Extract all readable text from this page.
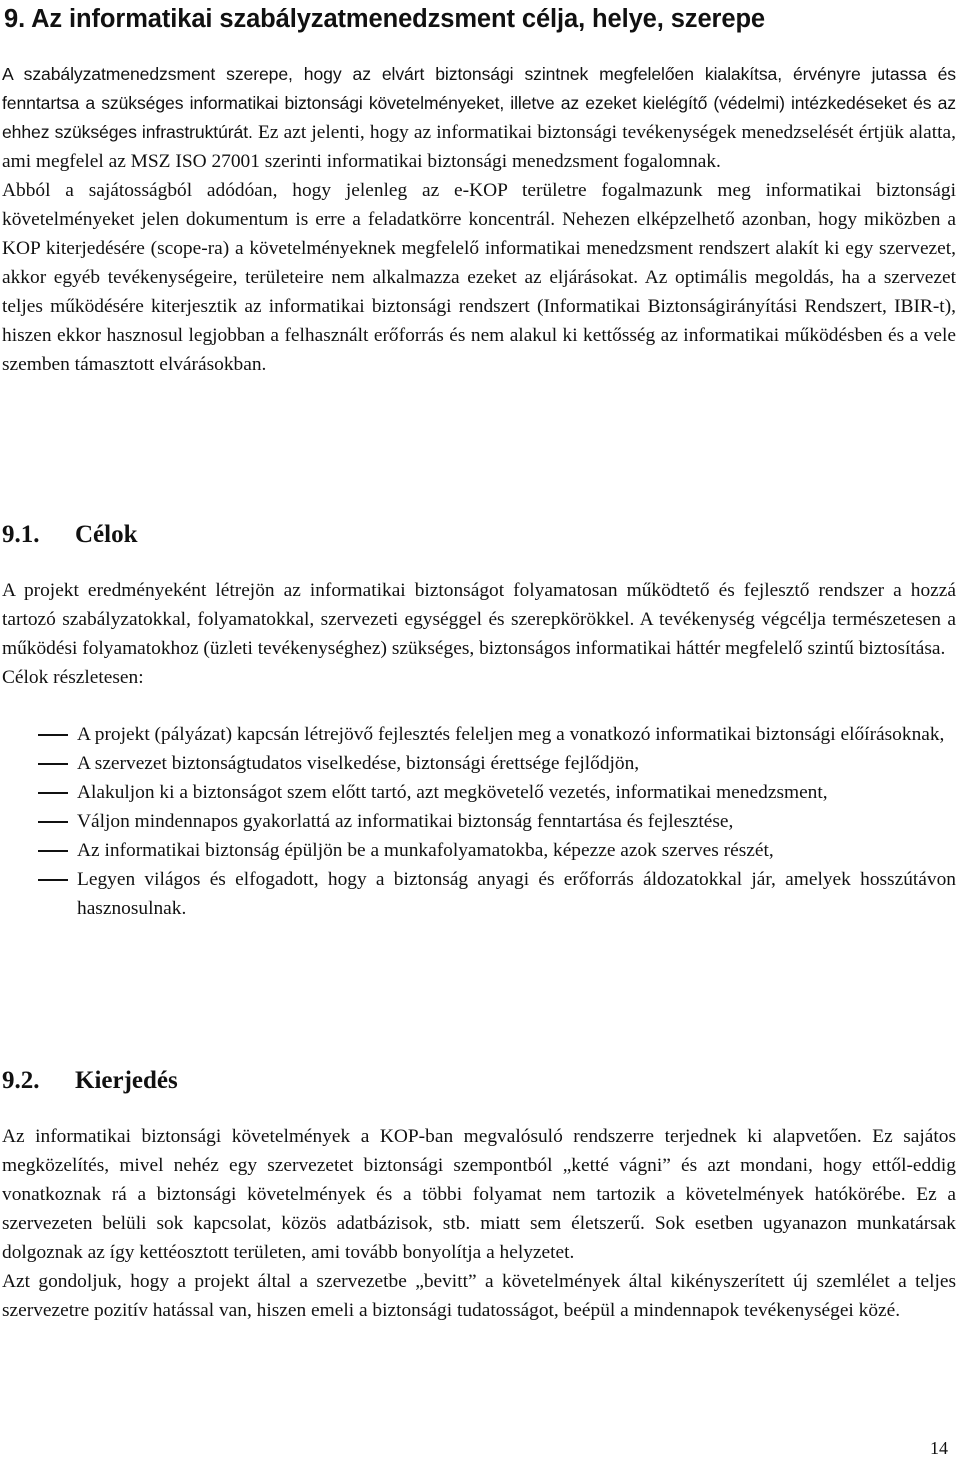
9. Az informatikai szabályzatmenedzsment célja, helye, szerepe

A szabályzatmenedzsment szerepe, hogy az elvárt biztonsági szintnek megfelelően kialakítsa, érvényre jutassa és fenntartsa a szükséges informatikai biztonsági követelményeket, illetve az ezeket kielégítő (védelmi) intézkedéseket és az ehhez szükséges infrastruktúrát. Ez azt jelenti, hogy az informatikai biztonsági tevékenységek menedzselését értjük alatta, ami megfelel az MSZ ISO 27001 szerinti informatikai biztonsági menedzsment fogalomnak.

Abból a sajátosságból adódóan, hogy jelenleg az e-KOP területre fogalmazunk meg informatikai biztonsági követelményeket jelen dokumentum is erre a feladatkörre koncentrál. Nehezen elképzelhető azonban, hogy miközben a KOP kiterjedésére (scope-ra) a követelményeknek megfelelő informatikai menedzsment rendszert alakít ki egy szervezet, akkor egyéb tevékenységeire, területeire nem alkalmazza ezeket az eljárásokat. Az optimális megoldás, ha a szervezet teljes működésére kiterjesztik az informatikai biztonsági rendszert (Informatikai Biztonságirányítási Rendszert, IBIR-t), hiszen ekkor hasznosul legjobban a felhasznált erőforrás és nem alakul ki kettősség az informatikai működésben és a vele szemben támasztott elvárásokban.

9.1. Célok

A projekt eredményeként létrejön az informatikai biztonságot folyamatosan működtető és fejlesztő rendszer a hozzá tartozó szabályzatokkal, folyamatokkal, szervezeti egységgel és szerepkörökkel. A tevékenység végcélja természetesen a működési folyamatokhoz (üzleti tevékenységhez) szükséges, biztonságos informatikai háttér megfelelő szintű biztosítása.

Célok részletesen:

A projekt (pályázat) kapcsán létrejövő fejlesztés feleljen meg a vonatkozó informatikai biztonsági előírásoknak,
A szervezet biztonságtudatos viselkedése, biztonsági érettsége fejlődjön,
Alakuljon ki a biztonságot szem előtt tartó, azt megkövetelő vezetés, informatikai menedzsment,
Váljon mindennapos gyakorlattá az informatikai biztonság fenntartása és fejlesztése,
Az informatikai biztonság épüljön be a munkafolyamatokba, képezze azok szerves részét,
Legyen világos és elfogadott, hogy a biztonság anyagi és erőforrás áldozatokkal jár, amelyek hosszútávon hasznosulnak.
9.2. Kierjedés

Az informatikai biztonsági követelmények a KOP-ban megvalósuló rendszerre terjednek ki alapvetően. Ez sajátos megközelítés, mivel nehéz egy szervezetet biztonsági szempontból „ketté vágni” és azt mondani, hogy ettől-eddig vonatkoznak rá a biztonsági követelmények és a többi folyamat nem tartozik a követelmények hatókörébe. Ez a szervezeten belüli sok kapcsolat, közös adatbázisok, stb. miatt sem életszerű. Sok esetben ugyanazon munkatársak dolgoznak az így kettéosztott területen, ami tovább bonyolítja a helyzetet.

Azt gondoljuk, hogy a projekt által a szervezetbe „bevitt” a követelmények által kikényszerített új szemlélet a teljes szervezetre pozitív hatással van, hiszen emeli a biztonsági tudatosságot, beépül a mindennapok tevékenységei közé.

14
